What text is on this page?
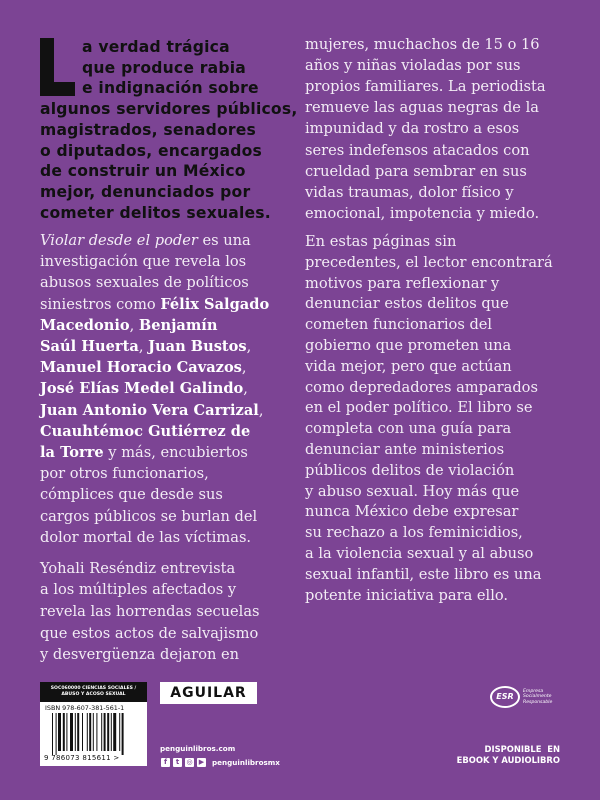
a verdad trágica
que produce rabia
e indignación sobre
algunos servidores públicos,
magistrados, senadores
o diputados, encargados
de construir un México
mejor, denunciados por
cometer delitos sexuales.
Violar desde el poder es una
investigación que revela los
abusos sexuales de políticos
siniestros como Félix Salgado
Macedonio, Benjamín
Saúl Huerta, Juan Bustos,
Manuel Horacio Cavazos,
José Elías Medel Galindo,
Juan Antonio Vera Carrizal,
Cuauhtémoc Gutiérrez de
la Torre y más, encubiertos
por otros funcionarios,
cómplices que desde sus
cargos públicos se burlan del
dolor mortal de las víctimas.
Yohali Reséndiz entrevista
a los múltiples afectados y
revela las horrendas secuelas
que estos actos de salvajismo
y desvergüenza dejaron en
mujeres, muchachos de 15 o 16
años y niñas violadas por sus
propios familiares. La periodista
remueve las aguas negras de la
impunidad y da rostro a esos
seres indefensos atacados con
crueldad para sembrar en sus
vidas traumas, dolor físico y
emocional, impotencia y miedo.
En estas páginas sin
precedentes, el lector encontrará
motivos para reflexionar y
denunciar estos delitos que
cometen funcionarios del
gobierno que prometen una
vida mejor, pero que actúan
como depredadores amparados
en el poder político. El libro se
completa con una guía para
denunciar ante ministerios
públicos delitos de violación
y abuso sexual. Hoy más que
nunca México debe expresar
su rechazo a los feminicidios,
a la violencia sexual y al abuso
sexual infantil, este libro es una
potente iniciativa para ello.
SOC060000 CIENCIAS SOCIALES /
ABUSO Y ACOSO SEXUAL
ISBN 978-607-381-561-1
9 786073 815611 >
AGUILAR
penguinlibros.com
f	t	◎ ▶ penguinlibrosmx
ESR
Empresa
Socialmente
Responsable
DISPONIBLE  EN
EBOOK Y AUDIOLIBRO
